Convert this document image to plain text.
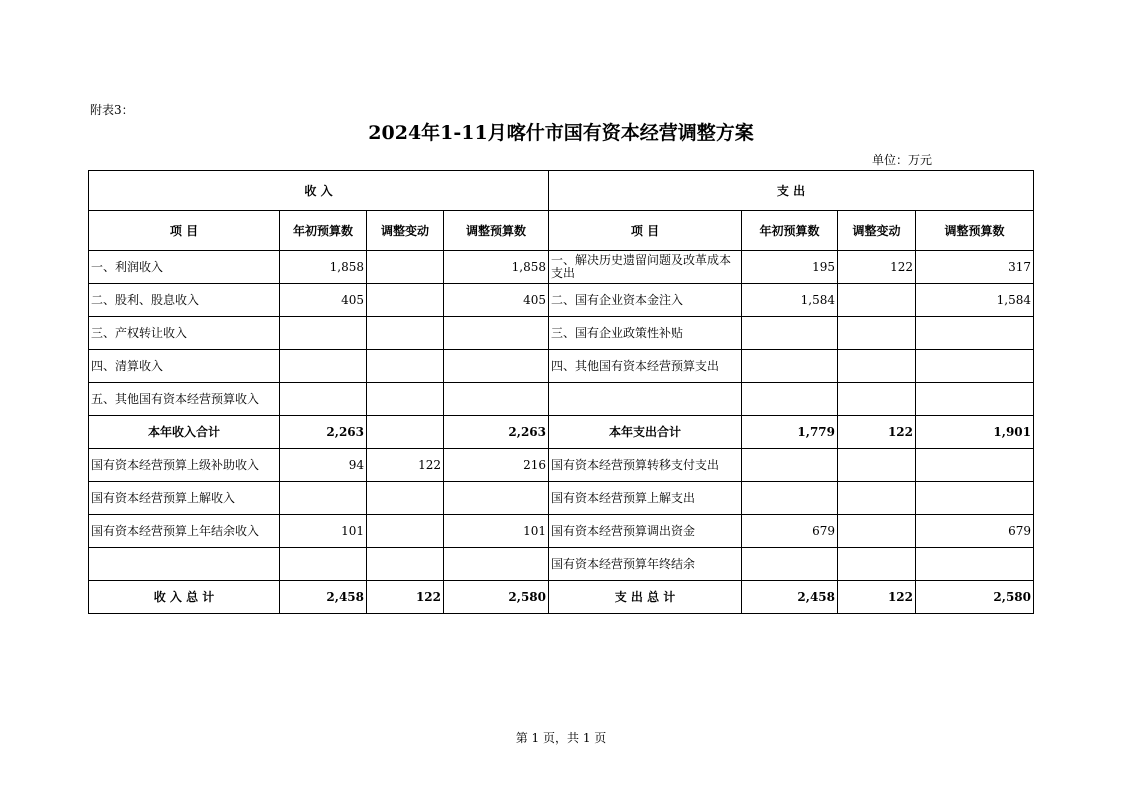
附表3：
2024年1-11月喀什市国有资本经营调整方案
单位：万元
收 入				支 出			
项 目	年初预算数	调整变动	调整预算数	项 目	年初预算数	调整变动	调整预算数

一、利润收入	1,858		1,858	一、解决历史遗留问题及改革成本支出	195	122	317

二、股利、股息收入	405		405	二、国有企业资本金注入	1,584		1,584

三、产权转让收入				三、国有企业政策性补贴			

四、清算收入				四、其他国有资本经营预算支出			

五、其他国有资本经营预算收入							

本年收入合计	2,263		2,263	本年支出合计	1,779	122	1,901

国有资本经营预算上级补助收入	94	122	216	国有资本经营预算转移支付支出			

国有资本经营预算上解收入				国有资本经营预算上解支出			

国有资本经营预算上年结余收入	101		101	国有资本经营预算调出资金	679		679

				国有资本经营预算年终结余			

收 入 总 计	2,458	122	2,580	支 出 总 计	2,458	122	2,580
第 1 页，共 1 页
